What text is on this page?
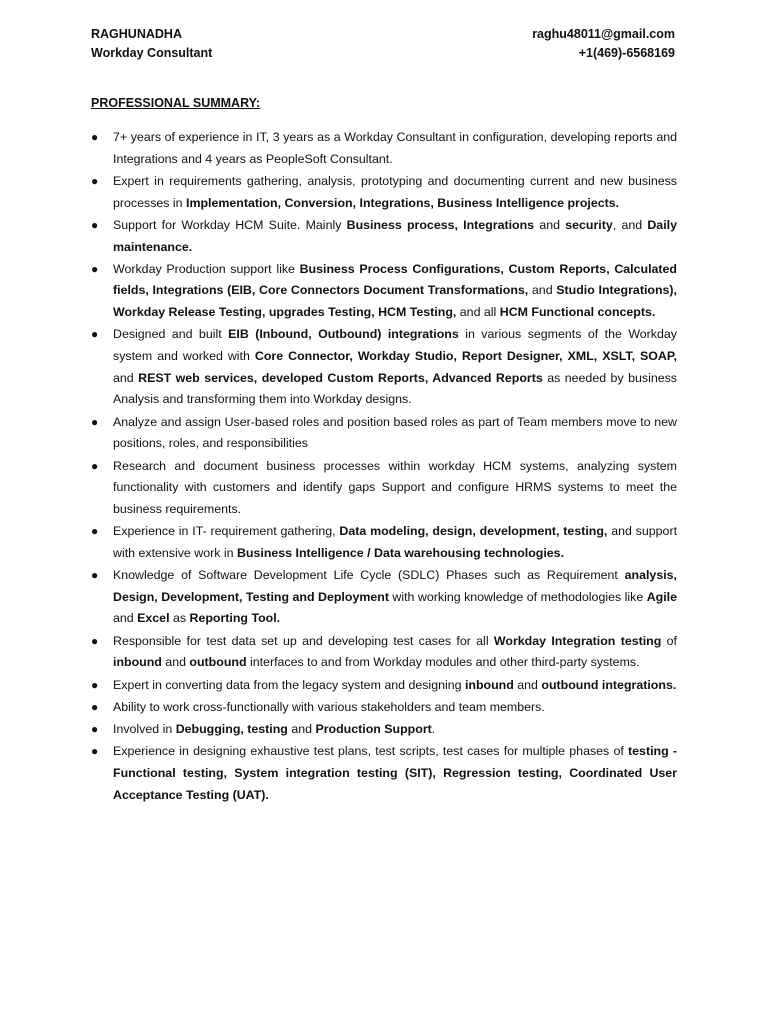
RAGHUNADHA
Workday Consultant
raghu48011@gmail.com
+1(469)-6568169
PROFESSIONAL SUMMARY:
● 7+ years of experience in IT, 3 years as a Workday Consultant in configuration, developing reports and Integrations and 4 years as PeopleSoft Consultant.
● Expert in requirements gathering, analysis, prototyping and documenting current and new business processes in Implementation, Conversion, Integrations, Business Intelligence projects.
● Support for Workday HCM Suite. Mainly Business process, Integrations and security, and Daily maintenance.
● Workday Production support like Business Process Configurations, Custom Reports, Calculated fields, Integrations (EIB, Core Connectors Document Transformations, and Studio Integrations), Workday Release Testing, upgrades Testing, HCM Testing, and all HCM Functional concepts.
● Designed and built EIB (Inbound, Outbound) integrations in various segments of the Workday system and worked with Core Connector, Workday Studio, Report Designer, XML, XSLT, SOAP, and REST web services, developed Custom Reports, Advanced Reports as needed by business Analysis and transforming them into Workday designs.
● Analyze and assign User-based roles and position based roles as part of Team members move to new positions, roles, and responsibilities
● Research and document business processes within workday HCM systems, analyzing system functionality with customers and identify gaps Support and configure HRMS systems to meet the business requirements.
● Experience in IT- requirement gathering, Data modeling, design, development, testing, and support with extensive work in Business Intelligence / Data warehousing technologies.
● Knowledge of Software Development Life Cycle (SDLC) Phases such as Requirement analysis, Design, Development, Testing and Deployment with working knowledge of methodologies like Agile and Excel as Reporting Tool.
● Responsible for test data set up and developing test cases for all Workday Integration testing of inbound and outbound interfaces to and from Workday modules and other third-party systems.
● Expert in converting data from the legacy system and designing inbound and outbound integrations.
● Ability to work cross-functionally with various stakeholders and team members.
● Involved in Debugging, testing and Production Support.
● Experience in designing exhaustive test plans, test scripts, test cases for multiple phases of testing - Functional testing, System integration testing (SIT), Regression testing, Coordinated User Acceptance Testing (UAT).
